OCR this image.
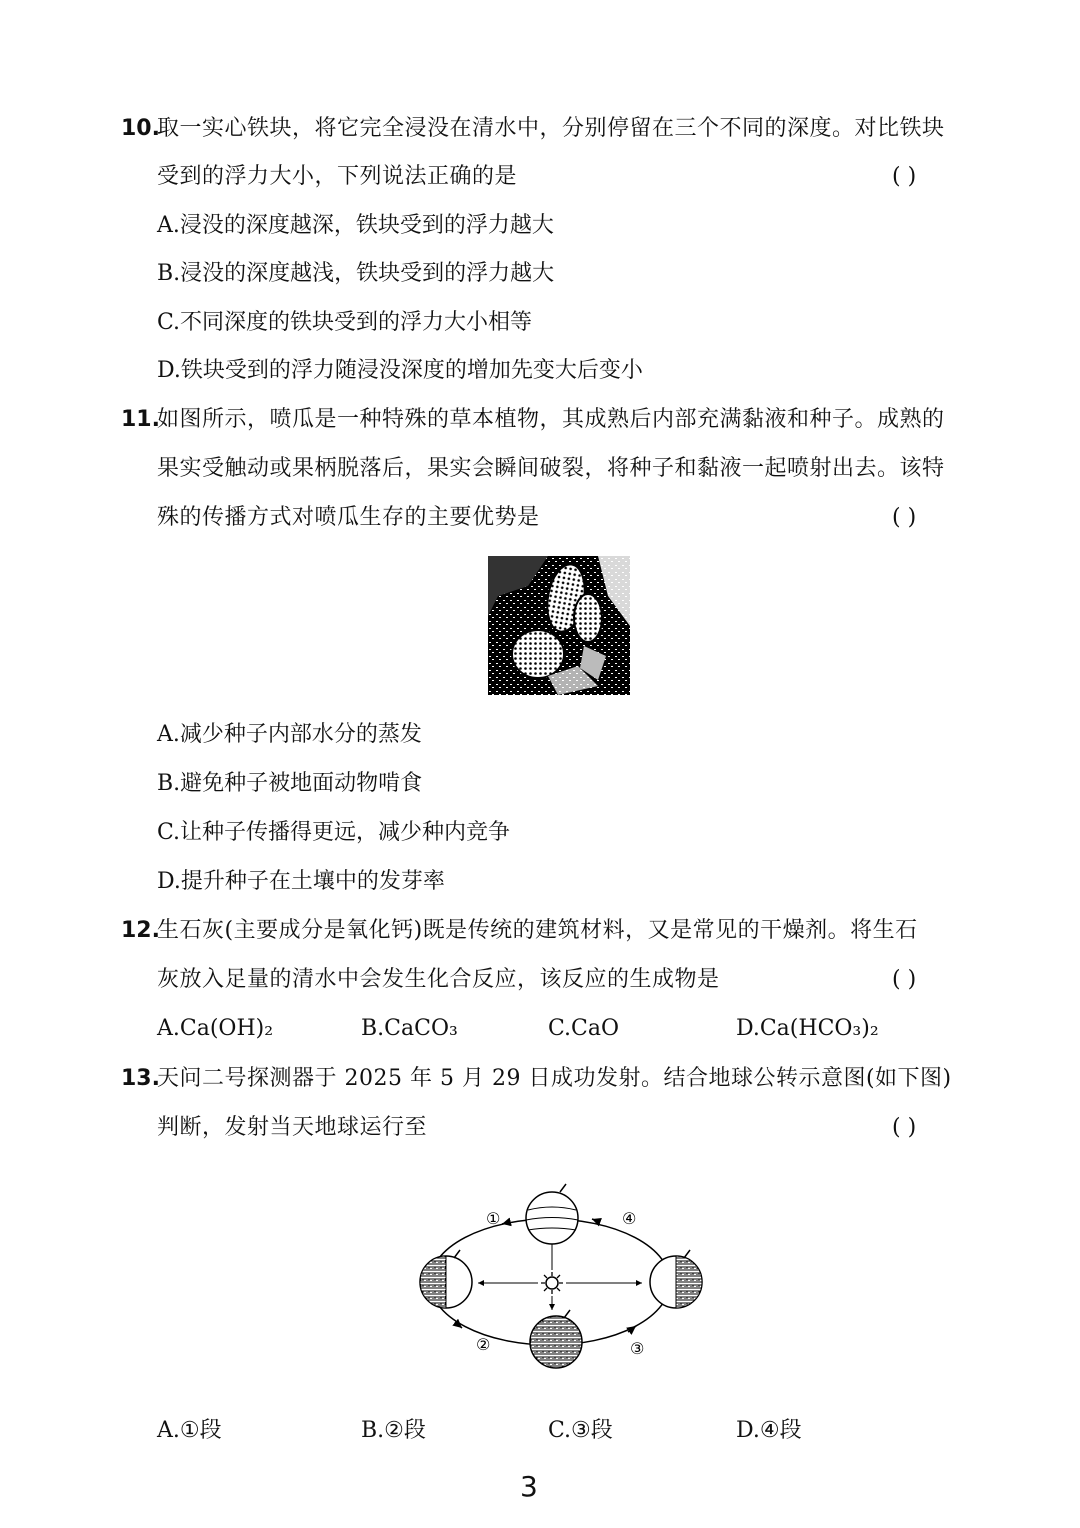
10.
取一实心铁块，将它完全浸没在清水中，分别停留在三个不同的深度。对比铁块
受到的浮力大小，下列说法正确的是	( )
A.浸没的深度越深，铁块受到的浮力越大
B.浸没的深度越浅，铁块受到的浮力越大
C.不同深度的铁块受到的浮力大小相等
D.铁块受到的浮力随浸没深度的增加先变大后变小
11.
如图所示，喷瓜是一种特殊的草本植物，其成熟后内部充满黏液和种子。成熟的
果实受触动或果柄脱落后，果实会瞬间破裂，将种子和黏液一起喷射出去。该特
殊的传播方式对喷瓜生存的主要优势是	( )
A.减少种子内部水分的蒸发
B.避免种子被地面动物啃食
C.让种子传播得更远，减少种内竞争
D.提升种子在土壤中的发芽率
12.
生石灰(主要成分是氧化钙)既是传统的建筑材料，又是常见的干燥剂。将生石
灰放入足量的清水中会发生化合反应，该反应的生成物是	( )
A.Ca(OH)₂	B.CaCO₃	C.CaO	D.Ca(HCO₃)₂
13.
天问二号探测器于 2025 年 5 月 29 日成功发射。结合地球公转示意图(如下图)
判断，发射当天地球运行至	( )
①
②	③
④
A.①段	B.②段	C.③段	D.④段
3
